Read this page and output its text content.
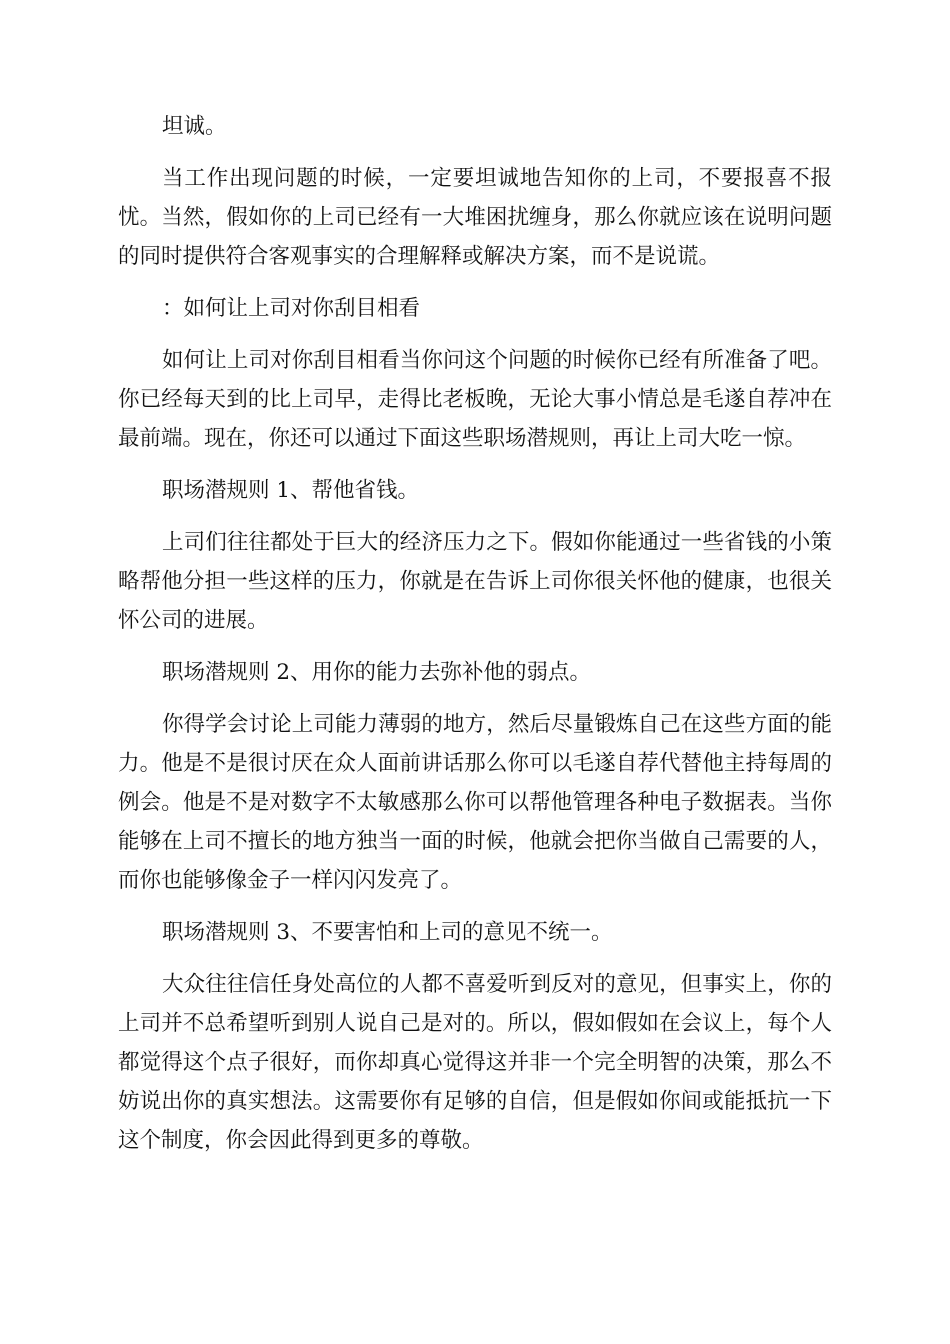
坦诚。

当工作出现问题的时候，一定要坦诚地告知你的上司，不要报喜不报忧。当然，假如你的上司已经有一大堆困扰缠身，那么你就应该在说明问题的同时提供符合客观事实的合理解释或解决方案，而不是说谎。

：如何让上司对你刮目相看

如何让上司对你刮目相看当你问这个问题的时候你已经有所准备了吧。你已经每天到的比上司早，走得比老板晚，无论大事小情总是毛遂自荐冲在最前端。现在，你还可以通过下面这些职场潜规则，再让上司大吃一惊。

职场潜规则 1、帮他省钱。

上司们往往都处于巨大的经济压力之下。假如你能通过一些省钱的小策略帮他分担一些这样的压力，你就是在告诉上司你很关怀他的健康，也很关怀公司的进展。

职场潜规则 2、用你的能力去弥补他的弱点。

你得学会讨论上司能力薄弱的地方，然后尽量锻炼自己在这些方面的能力。他是不是很讨厌在众人面前讲话那么你可以毛遂自荐代替他主持每周的例会。他是不是对数字不太敏感那么你可以帮他管理各种电子数据表。当你能够在上司不擅长的地方独当一面的时候，他就会把你当做自己需要的人，而你也能够像金子一样闪闪发亮了。

职场潜规则 3、不要害怕和上司的意见不统一。

大众往往信任身处高位的人都不喜爱听到反对的意见，但事实上，你的上司并不总希望听到别人说自己是对的。所以，假如假如在会议上，每个人都觉得这个点子很好，而你却真心觉得这并非一个完全明智的决策，那么不妨说出你的真实想法。这需要你有足够的自信，但是假如你间或能抵抗一下这个制度，你会因此得到更多的尊敬。
